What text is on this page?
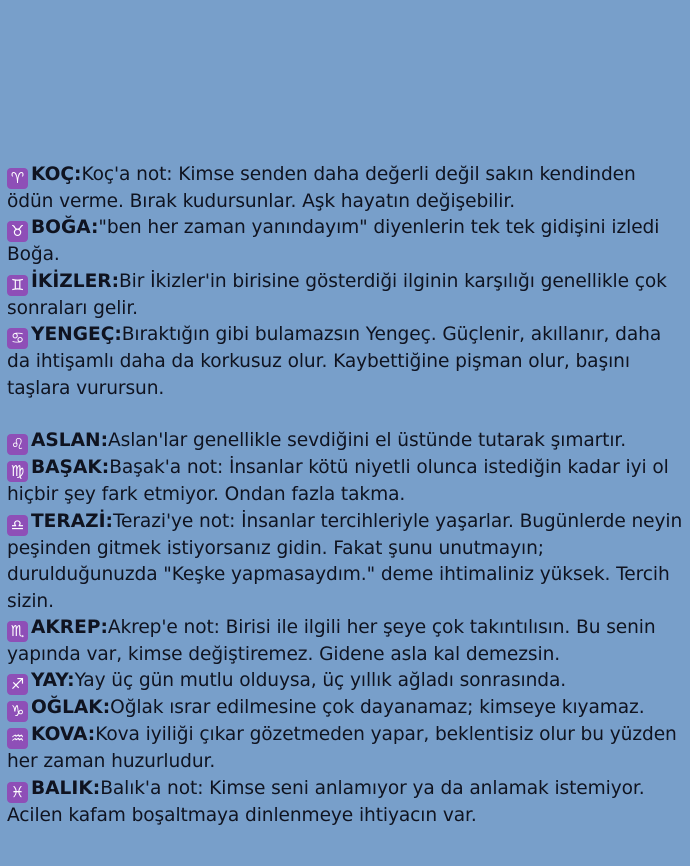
♈ KOÇ:Koç'a not: Kimse senden daha değerli değil sakın kendinden ödün verme. Bırak kudursunlar. Aşk hayatın değişebilir.

♉ BOĞA:"ben her zaman yanındayım" diyenlerin tek tek gidişini izledi Boğa.

♊ İKİZLER:Bir İkizler'in birisine gösterdiği ilginin karşılığı genellikle çok sonraları gelir.

♋ YENGEÇ:Bıraktığın gibi bulamazsın Yengeç. Güçlenir, akıllanır, daha da ihtişamlı daha da korkusuz olur. Kaybettiğine pişman olur, başını taşlara vurursun.

♌ ASLAN:Aslan'lar genellikle sevdiğini el üstünde tutarak şımartır.

♍ BAŞAK:Başak'a not: İnsanlar kötü niyetli olunca istediğin kadar iyi ol hiçbir şey fark etmiyor. Ondan fazla takma.

♎ TERAZİ:Terazi'ye not: İnsanlar tercihleriyle yaşarlar. Bugünlerde neyin peşinden gitmek istiyorsanız gidin. Fakat şunu unutmayın; durulduğunuzda "Keşke yapmasaydım." deme ihtimaliniz yüksek. Tercih sizin.

♏ AKREP:Akrep'e not: Birisi ile ilgili her şeye çok takıntılısın. Bu senin yapında var, kimse değiştiremez. Gidene asla kal demezsin.

♐ YAY:Yay üç gün mutlu olduysa, üç yıllık ağladı sonrasında.

♑ OĞLAK:Oğlak ısrar edilmesine çok dayanamaz; kimseye kıyamaz.

♒ KOVA:Kova iyiliği çıkar gözetmeden yapar, beklentisiz olur bu yüzden her zaman huzurludur.

♓ BALIK:Balık'a not: Kimse seni anlamıyor ya da anlamak istemiyor. Acilen kafam boşaltmaya dinlenmeye ihtiyacın var.
